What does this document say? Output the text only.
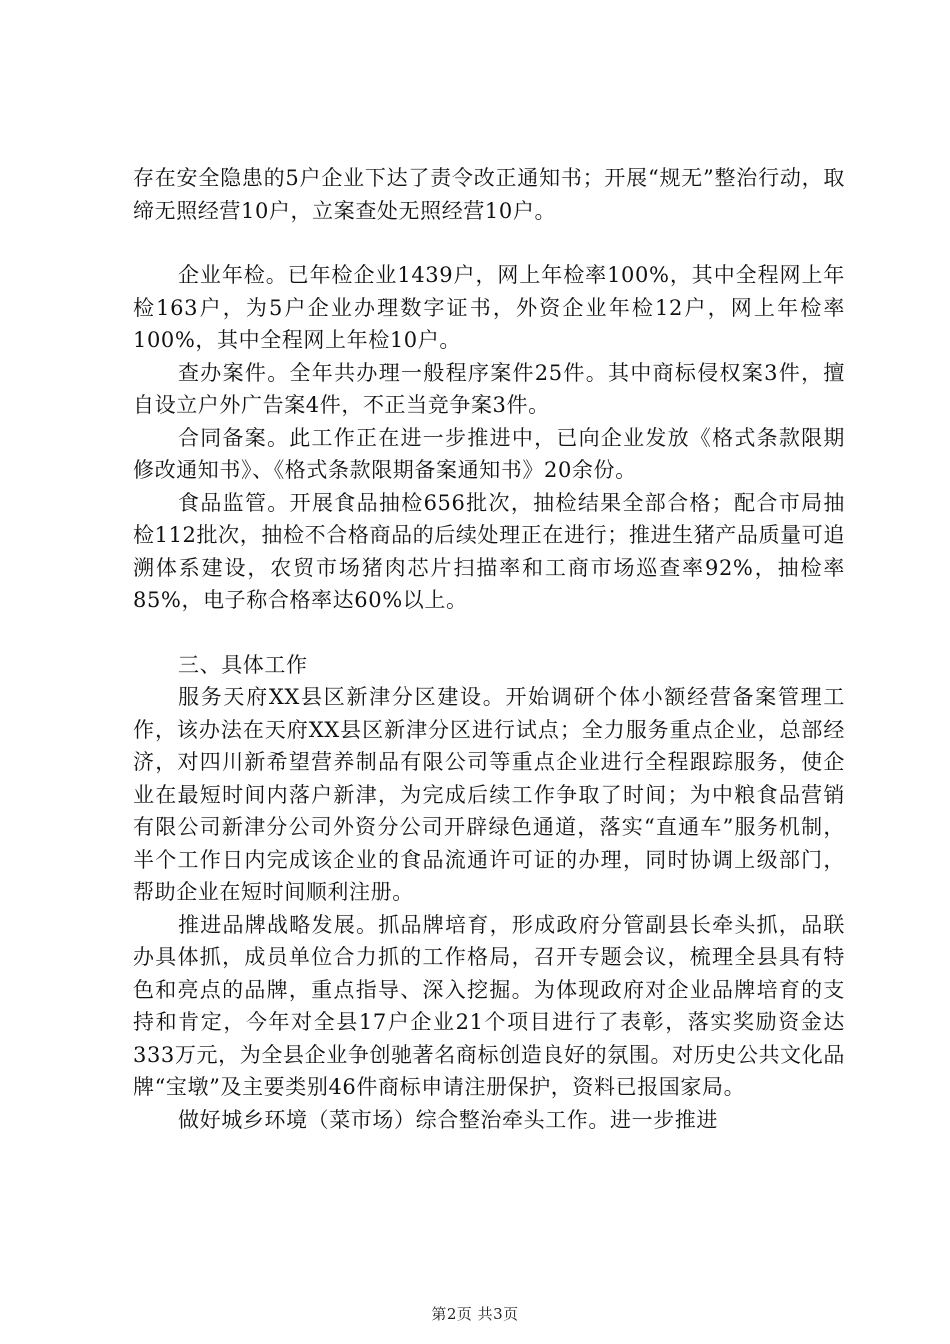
存在安全隐患的5户企业下达了责令改正通知书；开展“规无”整治行动，取缔无照经营10户，立案查处无照经营10户。

企业年检。已年检企业1439户，网上年检率100%，其中全程网上年检163户，为5户企业办理数字证书，外资企业年检12户，网上年检率100%，其中全程网上年检10户。

查办案件。全年共办理一般程序案件25件。其中商标侵权案3件，擅自设立户外广告案4件，不正当竞争案3件。

合同备案。此工作正在进一步推进中，已向企业发放《格式条款限期修改通知书》、《格式条款限期备案通知书》20余份。

食品监管。开展食品抽检656批次，抽检结果全部合格；配合市局抽检112批次，抽检不合格商品的后续处理正在进行；推进生猪产品质量可追溯体系建设，农贸市场猪肉芯片扫描率和工商市场巡查率92%，抽检率85%，电子称合格率达60%以上。

三、具体工作

服务天府XX县区新津分区建设。开始调研个体小额经营备案管理工作，该办法在天府XX县区新津分区进行试点；全力服务重点企业，总部经济，对四川新希望营养制品有限公司等重点企业进行全程跟踪服务，使企业在最短时间内落户新津，为完成后续工作争取了时间；为中粮食品营销有限公司新津分公司外资分公司开辟绿色通道，落实“直通车”服务机制，半个工作日内完成该企业的食品流通许可证的办理，同时协调上级部门，帮助企业在短时间顺利注册。

推进品牌战略发展。抓品牌培育，形成政府分管副县长牵头抓，品联办具体抓，成员单位合力抓的工作格局，召开专题会议，梳理全县具有特色和亮点的品牌，重点指导、深入挖掘。为体现政府对企业品牌培育的支持和肯定，今年对全县17户企业21个项目进行了表彰，落实奖励资金达333万元，为全县企业争创驰著名商标创造良好的氛围。对历史公共文化品牌“宝墩”及主要类别46件商标申请注册保护，资料已报国家局。

做好城乡环境（菜市场）综合整治牵头工作。进一步推进

第2页 共3页
